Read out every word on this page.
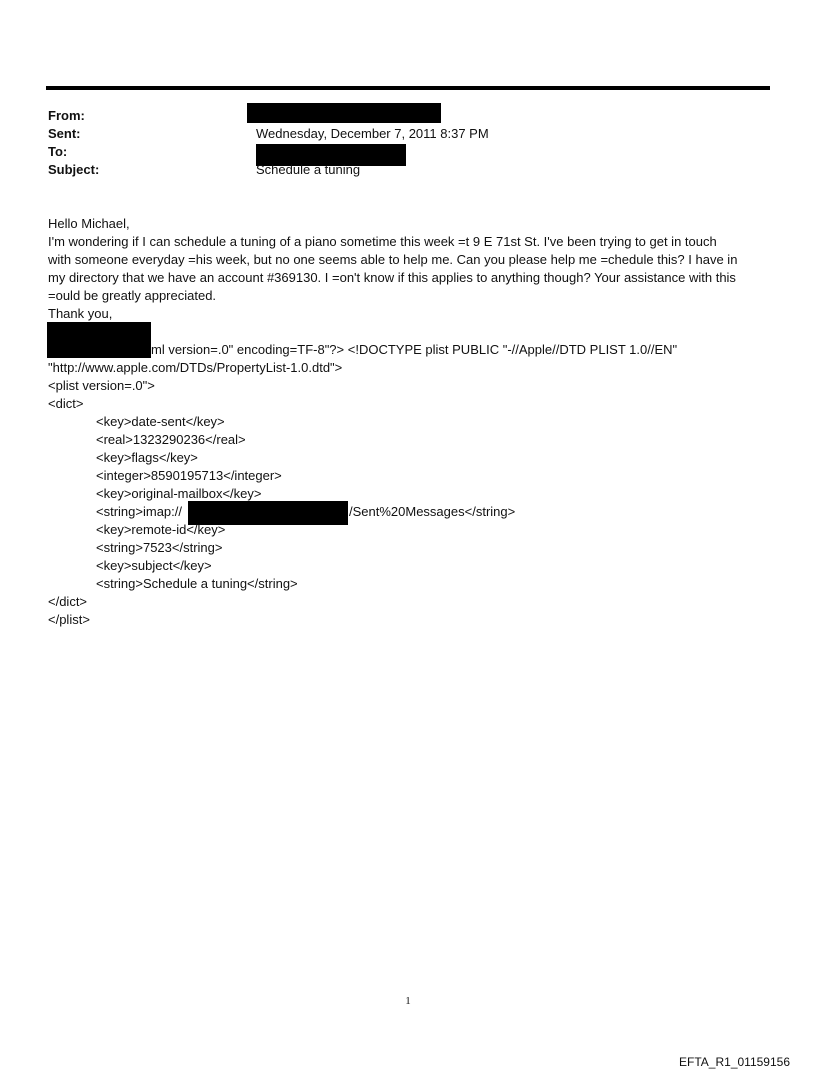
From:
Sent:	Wednesday, December 7, 2011 8:37 PM
To:
Subject:	Schedule a tuning
Hello Michael,
I'm wondering if I can schedule a tuning of a piano sometime this week =t 9 E 71st St. I've been trying to get in touch
with someone everyday =his week, but no one seems able to help me. Can you please help me =chedule this? I have in
my directory that we have an account #369130. I =on't know if this applies to anything though? Your assistance with this
=ould be greatly appreciated.
Thank you,
ml version=.0" encoding=TF-8"?> <!DOCTYPE plist PUBLIC "-//Apple//DTD PLIST 1.0//EN"
"http://www.apple.com/DTDs/PropertyList-1.0.dtd">
<plist version=.0">
<dict>
<key>date-sent</key>
<real>1323290236</real>
<key>flags</key>
<integer>8590195713</integer>
<key>original-mailbox</key>
<string>imap://	/Sent%20Messages</string>
<key>remote-id</key>
<string>7523</string>
<key>subject</key>
<string>Schedule a tuning</string>
</dict>
</plist>
1
EFTA_R1_01159156
